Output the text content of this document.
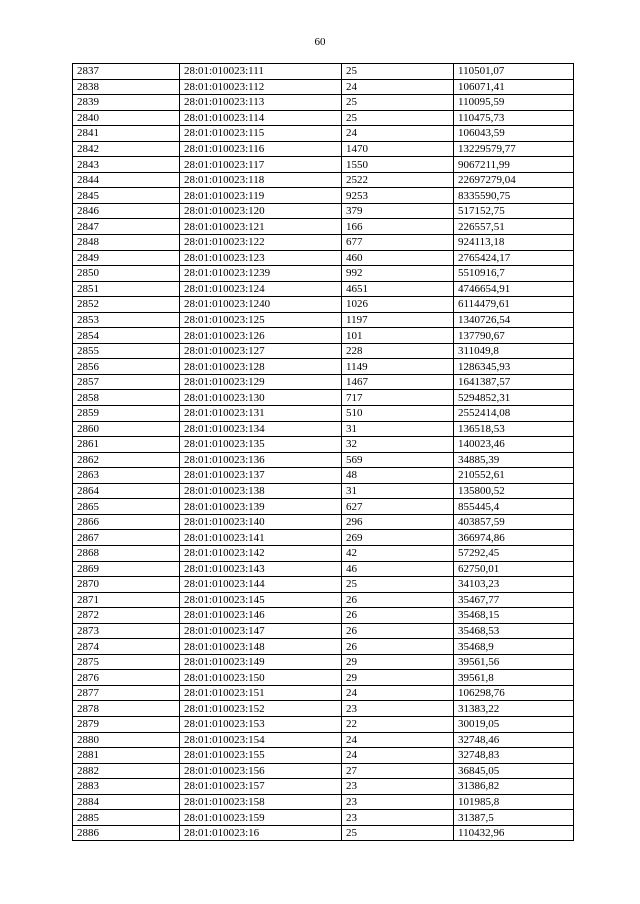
60
2837	28:01:010023:111	25	110501,07
2838	28:01:010023:112	24	106071,41
2839	28:01:010023:113	25	110095,59
2840	28:01:010023:114	25	110475,73
2841	28:01:010023:115	24	106043,59
2842	28:01:010023:116	1470	13229579,77
2843	28:01:010023:117	1550	9067211,99
2844	28:01:010023:118	2522	22697279,04
2845	28:01:010023:119	9253	8335590,75
2846	28:01:010023:120	379	517152,75
2847	28:01:010023:121	166	226557,51
2848	28:01:010023:122	677	924113,18
2849	28:01:010023:123	460	2765424,17
2850	28:01:010023:1239	992	5510916,7
2851	28:01:010023:124	4651	4746654,91
2852	28:01:010023:1240	1026	6114479,61
2853	28:01:010023:125	1197	1340726,54
2854	28:01:010023:126	101	137790,67
2855	28:01:010023:127	228	311049,8
2856	28:01:010023:128	1149	1286345,93
2857	28:01:010023:129	1467	1641387,57
2858	28:01:010023:130	717	5294852,31
2859	28:01:010023:131	510	2552414,08
2860	28:01:010023:134	31	136518,53
2861	28:01:010023:135	32	140023,46
2862	28:01:010023:136	569	34885,39
2863	28:01:010023:137	48	210552,61
2864	28:01:010023:138	31	135800,52
2865	28:01:010023:139	627	855445,4
2866	28:01:010023:140	296	403857,59
2867	28:01:010023:141	269	366974,86
2868	28:01:010023:142	42	57292,45
2869	28:01:010023:143	46	62750,01
2870	28:01:010023:144	25	34103,23
2871	28:01:010023:145	26	35467,77
2872	28:01:010023:146	26	35468,15
2873	28:01:010023:147	26	35468,53
2874	28:01:010023:148	26	35468,9
2875	28:01:010023:149	29	39561,56
2876	28:01:010023:150	29	39561,8
2877	28:01:010023:151	24	106298,76
2878	28:01:010023:152	23	31383,22
2879	28:01:010023:153	22	30019,05
2880	28:01:010023:154	24	32748,46
2881	28:01:010023:155	24	32748,83
2882	28:01:010023:156	27	36845,05
2883	28:01:010023:157	23	31386,82
2884	28:01:010023:158	23	101985,8
2885	28:01:010023:159	23	31387,5
2886	28:01:010023:16	25	110432,96
